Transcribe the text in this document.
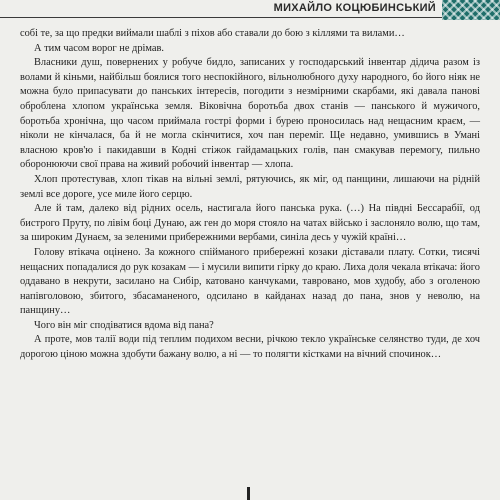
МИХАЙЛО КОЦЮБИНСЬКИЙ

собі те, за що предки виймали шаблі з піхов або ставали до бою з кіллями та вилами…

А тим часом ворог не дрімав.

Власники душ, повернених у робуче бидло, записаних у господарський інвентар дідича разом із волами й кіньми, найбільш боялися того неспокійного, вільнолюбного духу народного, бо його ніяк не можна було припасувати до панських інтересів, погодити з незмірними скарбами, які давала панові оброблена хлопом українська земля. Віковічна боротьба двох станів — панського й мужичого, боротьба хронічна, що часом приймала гострі форми і бурею проносилась над нещасним краєм, — ніколи не кінчалася, ба й не могла скінчитися, хоч пан переміг. Ще недавно, умившись в Умані власною кров'ю і пакидавши в Кодні стіжок гайдамацьких голів, пан смакував перемогу, пильно оборонюючи свої права на живий робочий інвентар — хлопа.

Хлоп протестував, хлоп тікав на вільні землі, рятуючись, як міг, од панщини, лишаючи на рідній землі все дороге, усе миле його серцю.

Але й там, далеко від рідних осель, настигала його панська рука. (…) На півдні Бессарабії, од бистрого Пруту, по лівім боці Дунаю, аж ген до моря стояло на чатах військо і заслоняло волю, що там, за широким Дунаєм, за зеленими прибережними вербами, синіла десь у чужій країні…

Голову втікача оцінено. За кожного спійманого прибережні козаки діставали плату. Сотки, тисячі нещасних попадалися до рук козакам — і мусили випити гірку до краю. Лиха доля чекала втікача: його оддавано в некрути, засилано на Сибір, катовано канчуками, таврованo, мов худобу, або з оголеною напівголовою, збитого, збасаманеного, одсилано в кайданах назад до пана, знов у неволю, на панщину…

Чого він міг сподіватися вдома від пана?

А проте, мов талії води під теплим подихом весни, річкою текло українське селянство туди, де хоч дорогою ціною можна здобути бажану волю, а ні — то полягти кістками на вічний спочинок…
